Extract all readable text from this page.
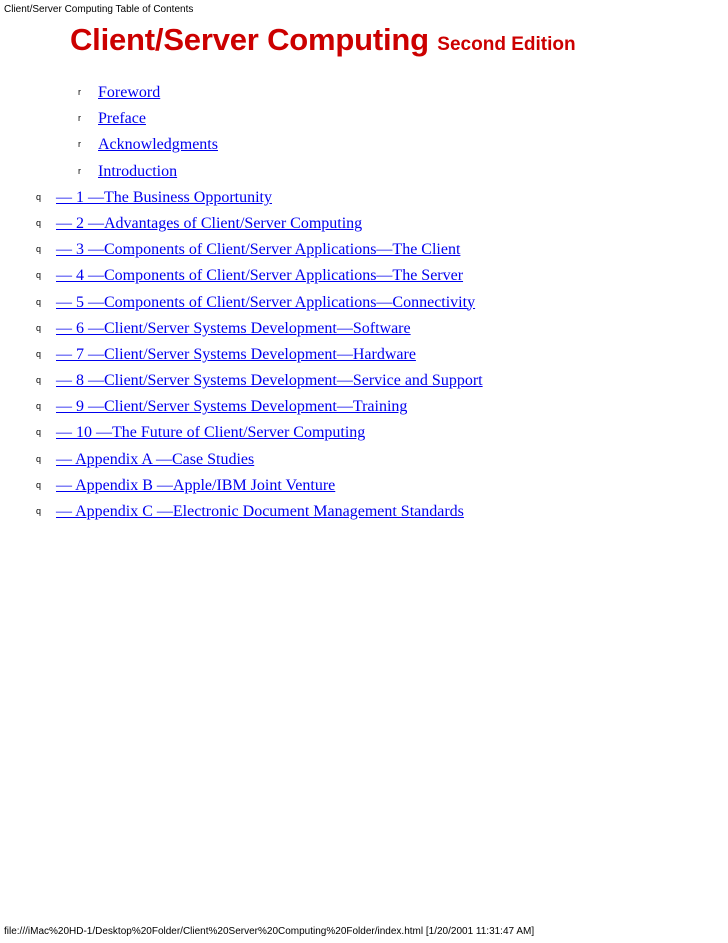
Client/Server Computing Table of Contents
Client/Server Computing Second Edition
r Foreword
r Preface
r Acknowledgments
r Introduction
q — 1 —The Business Opportunity
q — 2 —Advantages of Client/Server Computing
q — 3 —Components of Client/Server Applications—The Client
q — 4 —Components of Client/Server Applications—The Server
q — 5 —Components of Client/Server Applications—Connectivity
q — 6 —Client/Server Systems Development—Software
q — 7 —Client/Server Systems Development—Hardware
q — 8 —Client/Server Systems Development—Service and Support
q — 9 —Client/Server Systems Development—Training
q — 10 —The Future of Client/Server Computing
q — Appendix A —Case Studies
q — Appendix B —Apple/IBM Joint Venture
q — Appendix C —Electronic Document Management Standards
file:///iMac%20HD-1/Desktop%20Folder/Client%20Server%20Computing%20Folder/index.html [1/20/2001 11:31:47 AM]
